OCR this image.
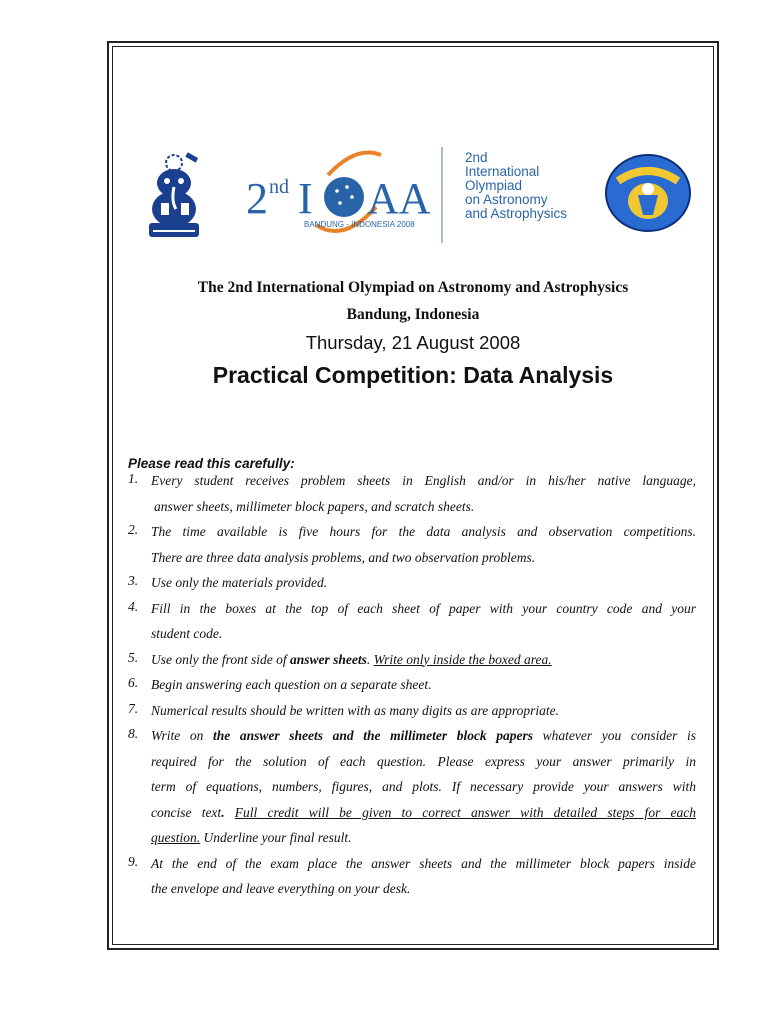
2 nd I AA
BANDUNG - INDONESIA 2008
2nd
International
Olympiad
on Astronomy
and Astrophysics
The 2nd International Olympiad on Astronomy and Astrophysics
Bandung, Indonesia
Thursday, 21 August 2008
Practical Competition: Data Analysis
Please read this carefully:
1. Every student receives problem sheets in English and/or in his/her native language,
answer sheets, millimeter block papers, and scratch sheets.
2. The time available is five hours for the data analysis and observation competitions.
There are three data analysis problems, and two observation problems.
3. Use only the materials provided.
4. Fill in the boxes at the top of each sheet of paper with your country code and your
student code.
5. Use only the front side of answer sheets. Write only inside the boxed area.
6. Begin answering each question on a separate sheet.
7. Numerical results should be written with as many digits as are appropriate.
8. Write on the answer sheets and the millimeter block papers whatever you consider is
required for the solution of each question. Please express your answer primarily in
term of equations, numbers, figures, and plots. If necessary provide your answers with
concise text. Full credit will be given to correct answer with detailed steps for each
question. Underline your final result.
9. At the end of the exam place the answer sheets and the millimeter block papers inside
the envelope and leave everything on your desk.
